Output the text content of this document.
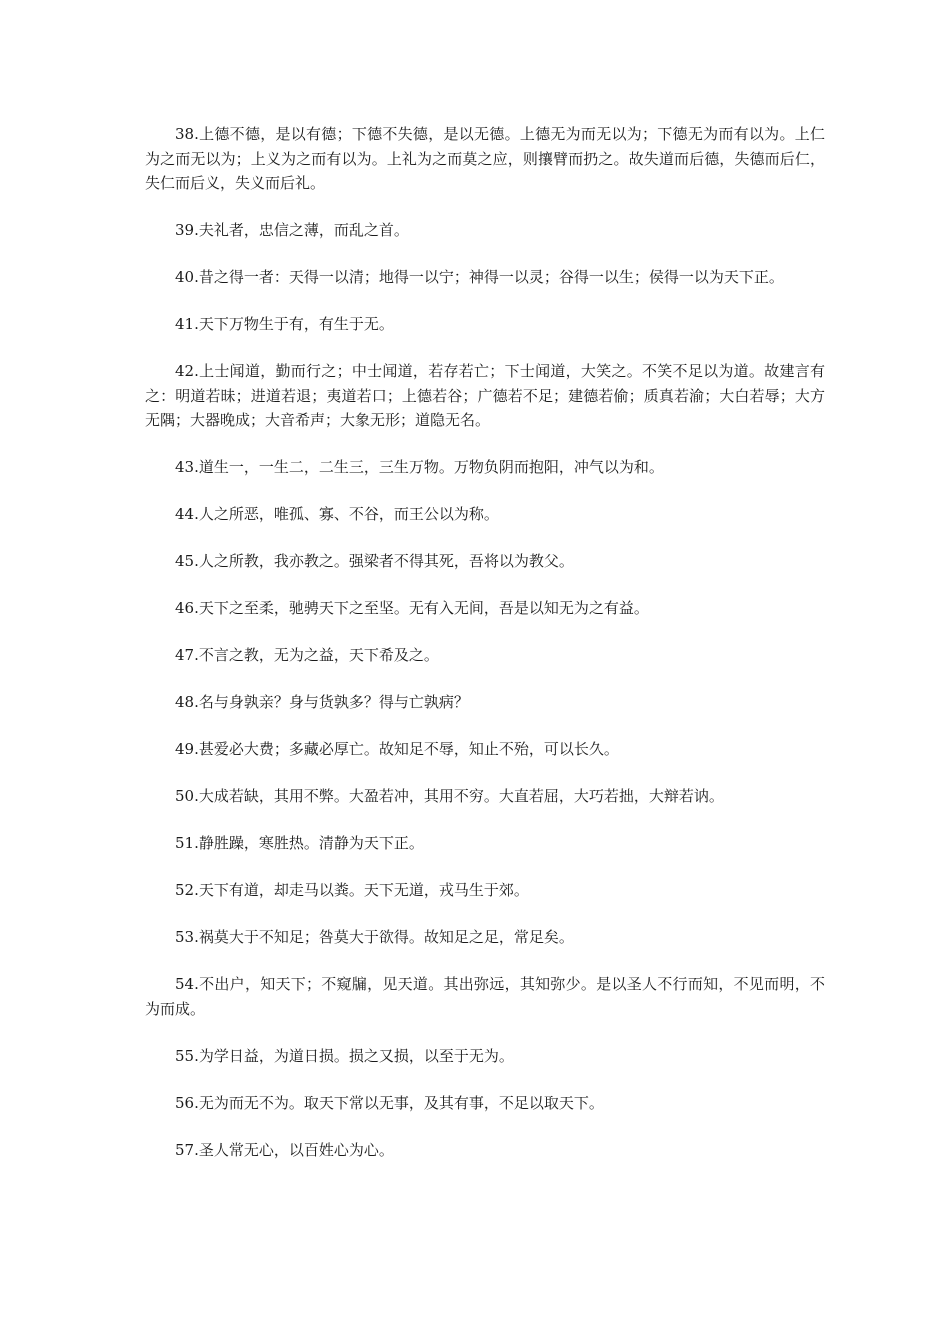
38.上德不德，是以有德；下德不失德，是以无德。上德无为而无以为；下德无为而有以为。上仁为之而无以为；上义为之而有以为。上礼为之而莫之应，则攘臂而扔之。故失道而后德，失德而后仁，失仁而后义，失义而后礼。

39.夫礼者，忠信之薄，而乱之首。

40.昔之得一者：天得一以清；地得一以宁；神得一以灵；谷得一以生；侯得一以为天下正。

41.天下万物生于有，有生于无。

42.上士闻道，勤而行之；中士闻道，若存若亡；下士闻道，大笑之。不笑不足以为道。故建言有之：明道若昧；进道若退；夷道若口；上德若谷；广德若不足；建德若偷；质真若渝；大白若辱；大方无隅；大器晚成；大音希声；大象无形；道隐无名。

43.道生一，一生二，二生三，三生万物。万物负阴而抱阳，冲气以为和。

44.人之所恶，唯孤、寡、不谷，而王公以为称。

45.人之所教，我亦教之。强梁者不得其死，吾将以为教父。

46.天下之至柔，驰骋天下之至坚。无有入无间，吾是以知无为之有益。

47.不言之教，无为之益，天下希及之。

48.名与身孰亲？身与货孰多？得与亡孰病？

49.甚爱必大费；多藏必厚亡。故知足不辱，知止不殆，可以长久。

50.大成若缺，其用不弊。大盈若冲，其用不穷。大直若屈，大巧若拙，大辩若讷。

51.静胜躁，寒胜热。清静为天下正。

52.天下有道，却走马以粪。天下无道，戎马生于郊。

53.祸莫大于不知足；咎莫大于欲得。故知足之足，常足矣。

54.不出户，知天下；不窥牖，见天道。其出弥远，其知弥少。是以圣人不行而知，不见而明，不为而成。

55.为学日益，为道日损。损之又损，以至于无为。

56.无为而无不为。取天下常以无事，及其有事，不足以取天下。

57.圣人常无心，以百姓心为心。
